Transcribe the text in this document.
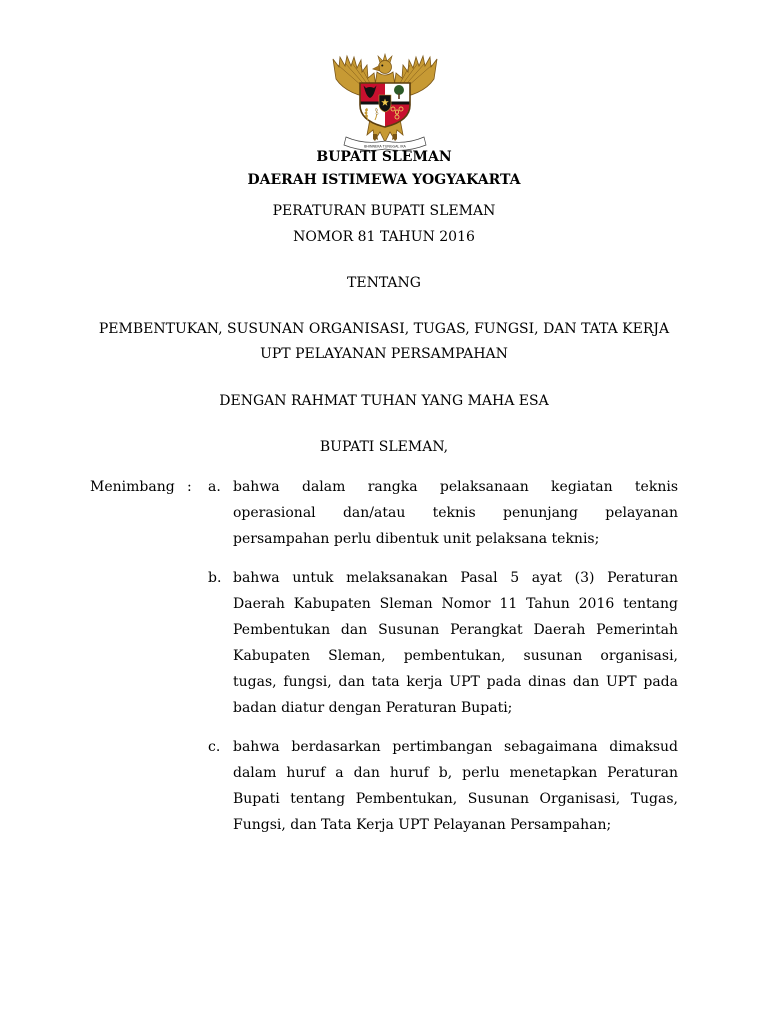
BHINNEKA TUNGGAL IKA
BUPATI SLEMAN
DAERAH ISTIMEWA YOGYAKARTA
PERATURAN BUPATI SLEMAN
NOMOR 81 TAHUN 2016
TENTANG
PEMBENTUKAN, SUSUNAN ORGANISASI, TUGAS, FUNGSI, DAN TATA KERJA
UPT PELAYANAN PERSAMPAHAN
DENGAN RAHMAT TUHAN YANG MAHA ESA
BUPATI SLEMAN,
Menimbang : a. bahwa dalam rangka pelaksanaan kegiatan teknis
operasional dan/atau teknis penunjang pelayanan
persampahan perlu dibentuk unit pelaksana teknis;
b. bahwa untuk melaksanakan Pasal 5 ayat (3) Peraturan
Daerah Kabupaten Sleman Nomor 11 Tahun 2016 tentang
Pembentukan dan Susunan Perangkat Daerah Pemerintah
Kabupaten Sleman, pembentukan, susunan organisasi,
tugas, fungsi, dan tata kerja UPT pada dinas dan UPT pada
badan diatur dengan Peraturan Bupati;
c. bahwa berdasarkan pertimbangan sebagaimana dimaksud
dalam huruf a dan huruf b, perlu menetapkan Peraturan
Bupati tentang Pembentukan, Susunan Organisasi, Tugas,
Fungsi, dan Tata Kerja UPT Pelayanan Persampahan;
